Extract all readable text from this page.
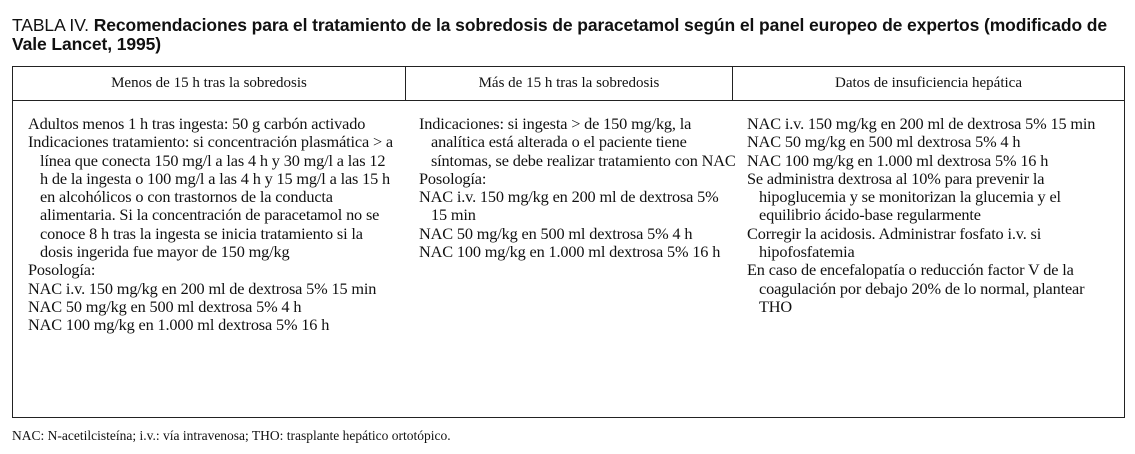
TABLA IV. Recomendaciones para el tratamiento de la sobredosis de paracetamol según el panel europeo de expertos (modificado de Vale Lancet, 1995)
Menos de 15 h tras la sobredosis	Más de 15 h tras la sobredosis	Datos de insuficiencia hepática
Adultos menos 1 h tras ingesta: 50 g carbón activado
Indicaciones tratamiento: si concentración plasmática > a línea que conecta 150 mg/l a las 4 h y 30 mg/l a las 12 h de la ingesta o 100 mg/l a las 4 h y 15 mg/l a las 15 h en alcohólicos o con trastornos de la conducta alimentaria. Si la concentración de paracetamol no se conoce 8 h tras la ingesta se inicia tratamiento si la dosis ingerida fue mayor de 150 mg/kg
Posología:
NAC i.v. 150 mg/kg en 200 ml de dextrosa 5% 15 min
NAC 50 mg/kg en 500 ml dextrosa 5% 4 h
NAC 100 mg/kg en 1.000 ml dextrosa 5% 16 h
Indicaciones: si ingesta > de 150 mg/kg, la analítica está alterada o el paciente tiene síntomas, se debe realizar tratamiento con NAC
Posología:
NAC i.v. 150 mg/kg en 200 ml de dextrosa 5% 15 min
NAC 50 mg/kg en 500 ml dextrosa 5% 4 h
NAC 100 mg/kg en 1.000 ml dextrosa 5% 16 h
NAC i.v. 150 mg/kg en 200 ml de dextrosa 5% 15 min
NAC 50 mg/kg en 500 ml dextrosa 5% 4 h
NAC 100 mg/kg en 1.000 ml dextrosa 5% 16 h
Se administra dextrosa al 10% para prevenir la hipoglucemia y se monitorizan la glucemia y el equilibrio ácido-base regularmente
Corregir la acidosis. Administrar fosfato i.v. si hipofosfatemia
En caso de encefalopatía o reducción factor V de la coagulación por debajo 20% de lo normal, plantear THO
NAC: N-acetilcisteína; i.v.: vía intravenosa; THO: trasplante hepático ortotópico.
